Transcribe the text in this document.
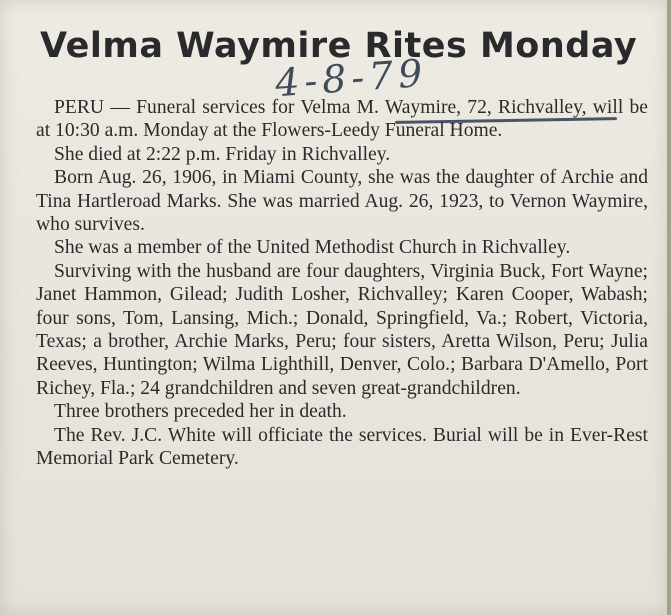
Velma Waymire Rites Monday
4-8-79

PERU — Funeral services for Velma M. Waymire, 72, Richvalley, will be at 10:30 a.m. Monday at the Flowers-Leedy Funeral Home.

She died at 2:22 p.m. Friday in Richvalley.

Born Aug. 26, 1906, in Miami County, she was the daughter of Archie and Tina Hartleroad Marks. She was married Aug. 26, 1923, to Vernon Waymire, who survives.

She was a member of the United Methodist Church in Richvalley.

Surviving with the husband are four daughters, Virginia Buck, Fort Wayne; Janet Hammon, Gilead; Judith Losher, Richvalley; Karen Cooper, Wabash; four sons, Tom, Lansing, Mich.; Donald, Springfield, Va.; Robert, Victoria, Texas; a brother, Archie Marks, Peru; four sisters, Aretta Wilson, Peru; Julia Reeves, Huntington; Wilma Lighthill, Denver, Colo.; Barbara D'Amello, Port Richey, Fla.; 24 grandchildren and seven great-grandchildren.

Three brothers preceded her in death.

The Rev. J.C. White will officiate the services. Burial will be in Ever-Rest Memorial Park Cemetery.
